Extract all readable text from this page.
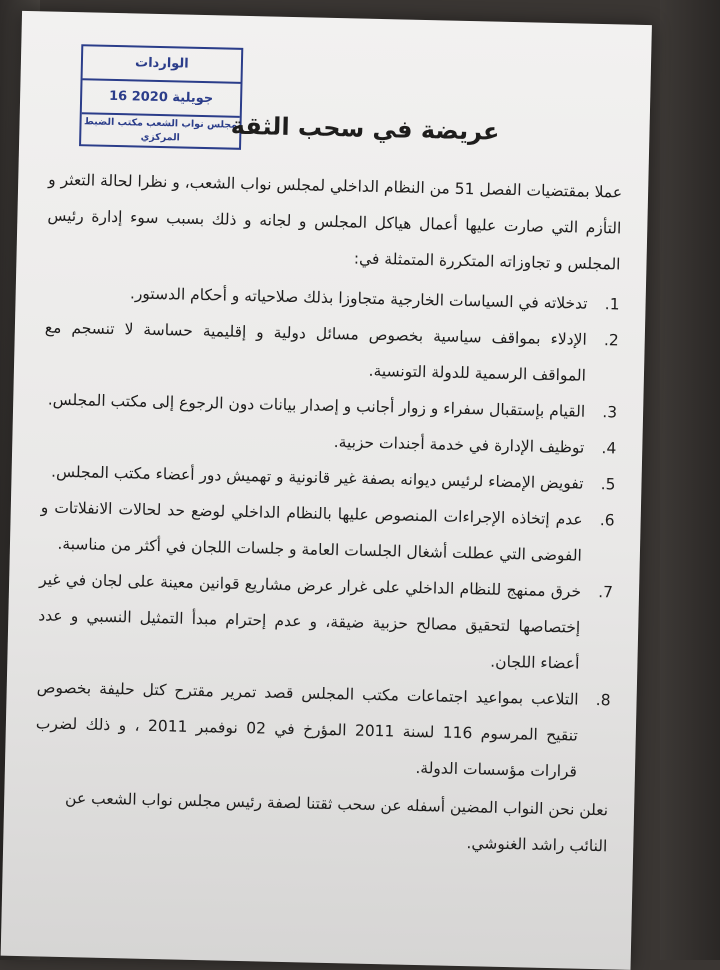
الواردات
16 جويلية 2020
مجلس نواب الشعب مكتب الضبط المركزي	عريضة في سحب الثقة
عملا بمقتضيات الفصل 51 من النظام الداخلي لمجلس نواب الشعب، و نظرا لحالة التعثر و التأزم التي صارت عليها أعمال هياكل المجلس و لجانه و ذلك بسبب سوء إدارة رئيس المجلس و تجاوزاته المتكررة المتمثلة في:
1.
تدخلاته في السياسات الخارجية متجاوزا بذلك صلاحياته و أحكام الدستور.
2.
الإدلاء بمواقف سياسية بخصوص مسائل دولية و إقليمية حساسة لا تنسجم مع المواقف الرسمية للدولة التونسية.
3.
القيام بإستقبال سفراء و زوار أجانب و إصدار بيانات دون الرجوع إلى مكتب المجلس.
4.
توظيف الإدارة في خدمة أجندات حزبية.
5.
تفويض الإمضاء لرئيس ديوانه بصفة غير قانونية و تهميش دور أعضاء مكتب المجلس.
6.
عدم إتخاذه الإجراءات المنصوص عليها بالنظام الداخلي لوضع حد لحالات الانفلاتات و الفوضى التي عطلت أشغال الجلسات العامة و جلسات اللجان في أكثر من مناسبة.
7.
خرق ممنهج للنظام الداخلي على غرار عرض مشاريع قوانين معينة على لجان في غير إختصاصها لتحقيق مصالح حزبية ضيقة، و عدم إحترام مبدأ التمثيل النسبي و عدد أعضاء اللجان.
8.
التلاعب بمواعيد اجتماعات مكتب المجلس قصد تمرير مقترح كتل حليفة بخصوص تنقيح المرسوم 116 لسنة 2011 المؤرخ في 02 نوفمبر 2011 ، و ذلك لضرب قرارات مؤسسات الدولة.
نعلن نحن النواب المضين أسفله عن سحب ثقتنا لصفة رئيس مجلس نواب الشعب عن النائب راشد الغنوشي.
